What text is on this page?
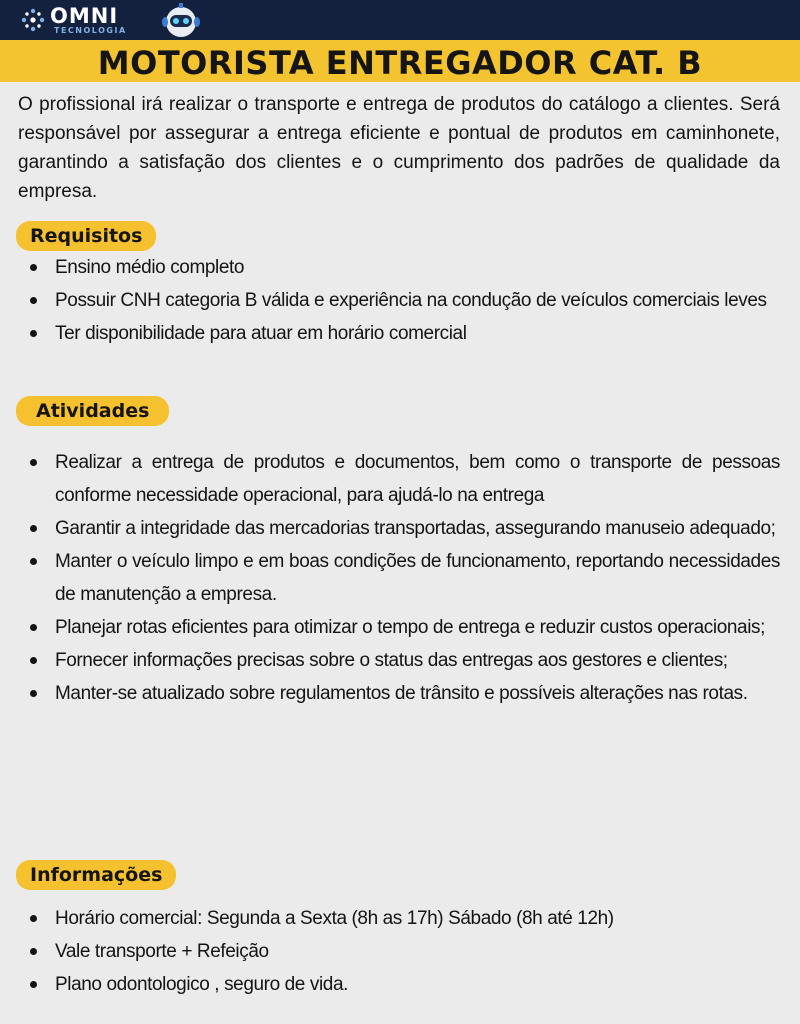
OMNI
TECNOLOGIA
MOTORISTA ENTREGADOR CAT. B

O profissional irá realizar o transporte e entrega de produtos do catálogo a clientes. Será responsável por assegurar a entrega eficiente e pontual de produtos em caminhonete, garantindo a satisfação dos clientes e o cumprimento dos padrões de qualidade da empresa.

Requisitos
Ensino médio completo
Possuir CNH categoria B válida e experiência na condução de veículos comerciais leves
Ter disponibilidade para atuar em horário comercial
Atividades
Realizar a entrega de produtos e documentos, bem como o transporte de pessoas conforme necessidade operacional, para ajudá-lo na entrega
Garantir a integridade das mercadorias transportadas, assegurando manuseio adequado;
Manter o veículo limpo e em boas condições de funcionamento, reportando necessidades de manutenção a empresa.
Planejar rotas eficientes para otimizar o tempo de entrega e reduzir custos operacionais;
Fornecer informações precisas sobre o status das entregas aos gestores e clientes;
Manter-se atualizado sobre regulamentos de trânsito e possíveis alterações nas rotas.
Informações
Horário comercial: Segunda a Sexta (8h as 17h) Sábado (8h até 12h)
Vale transporte + Refeição
Plano odontologico , seguro de vida.
